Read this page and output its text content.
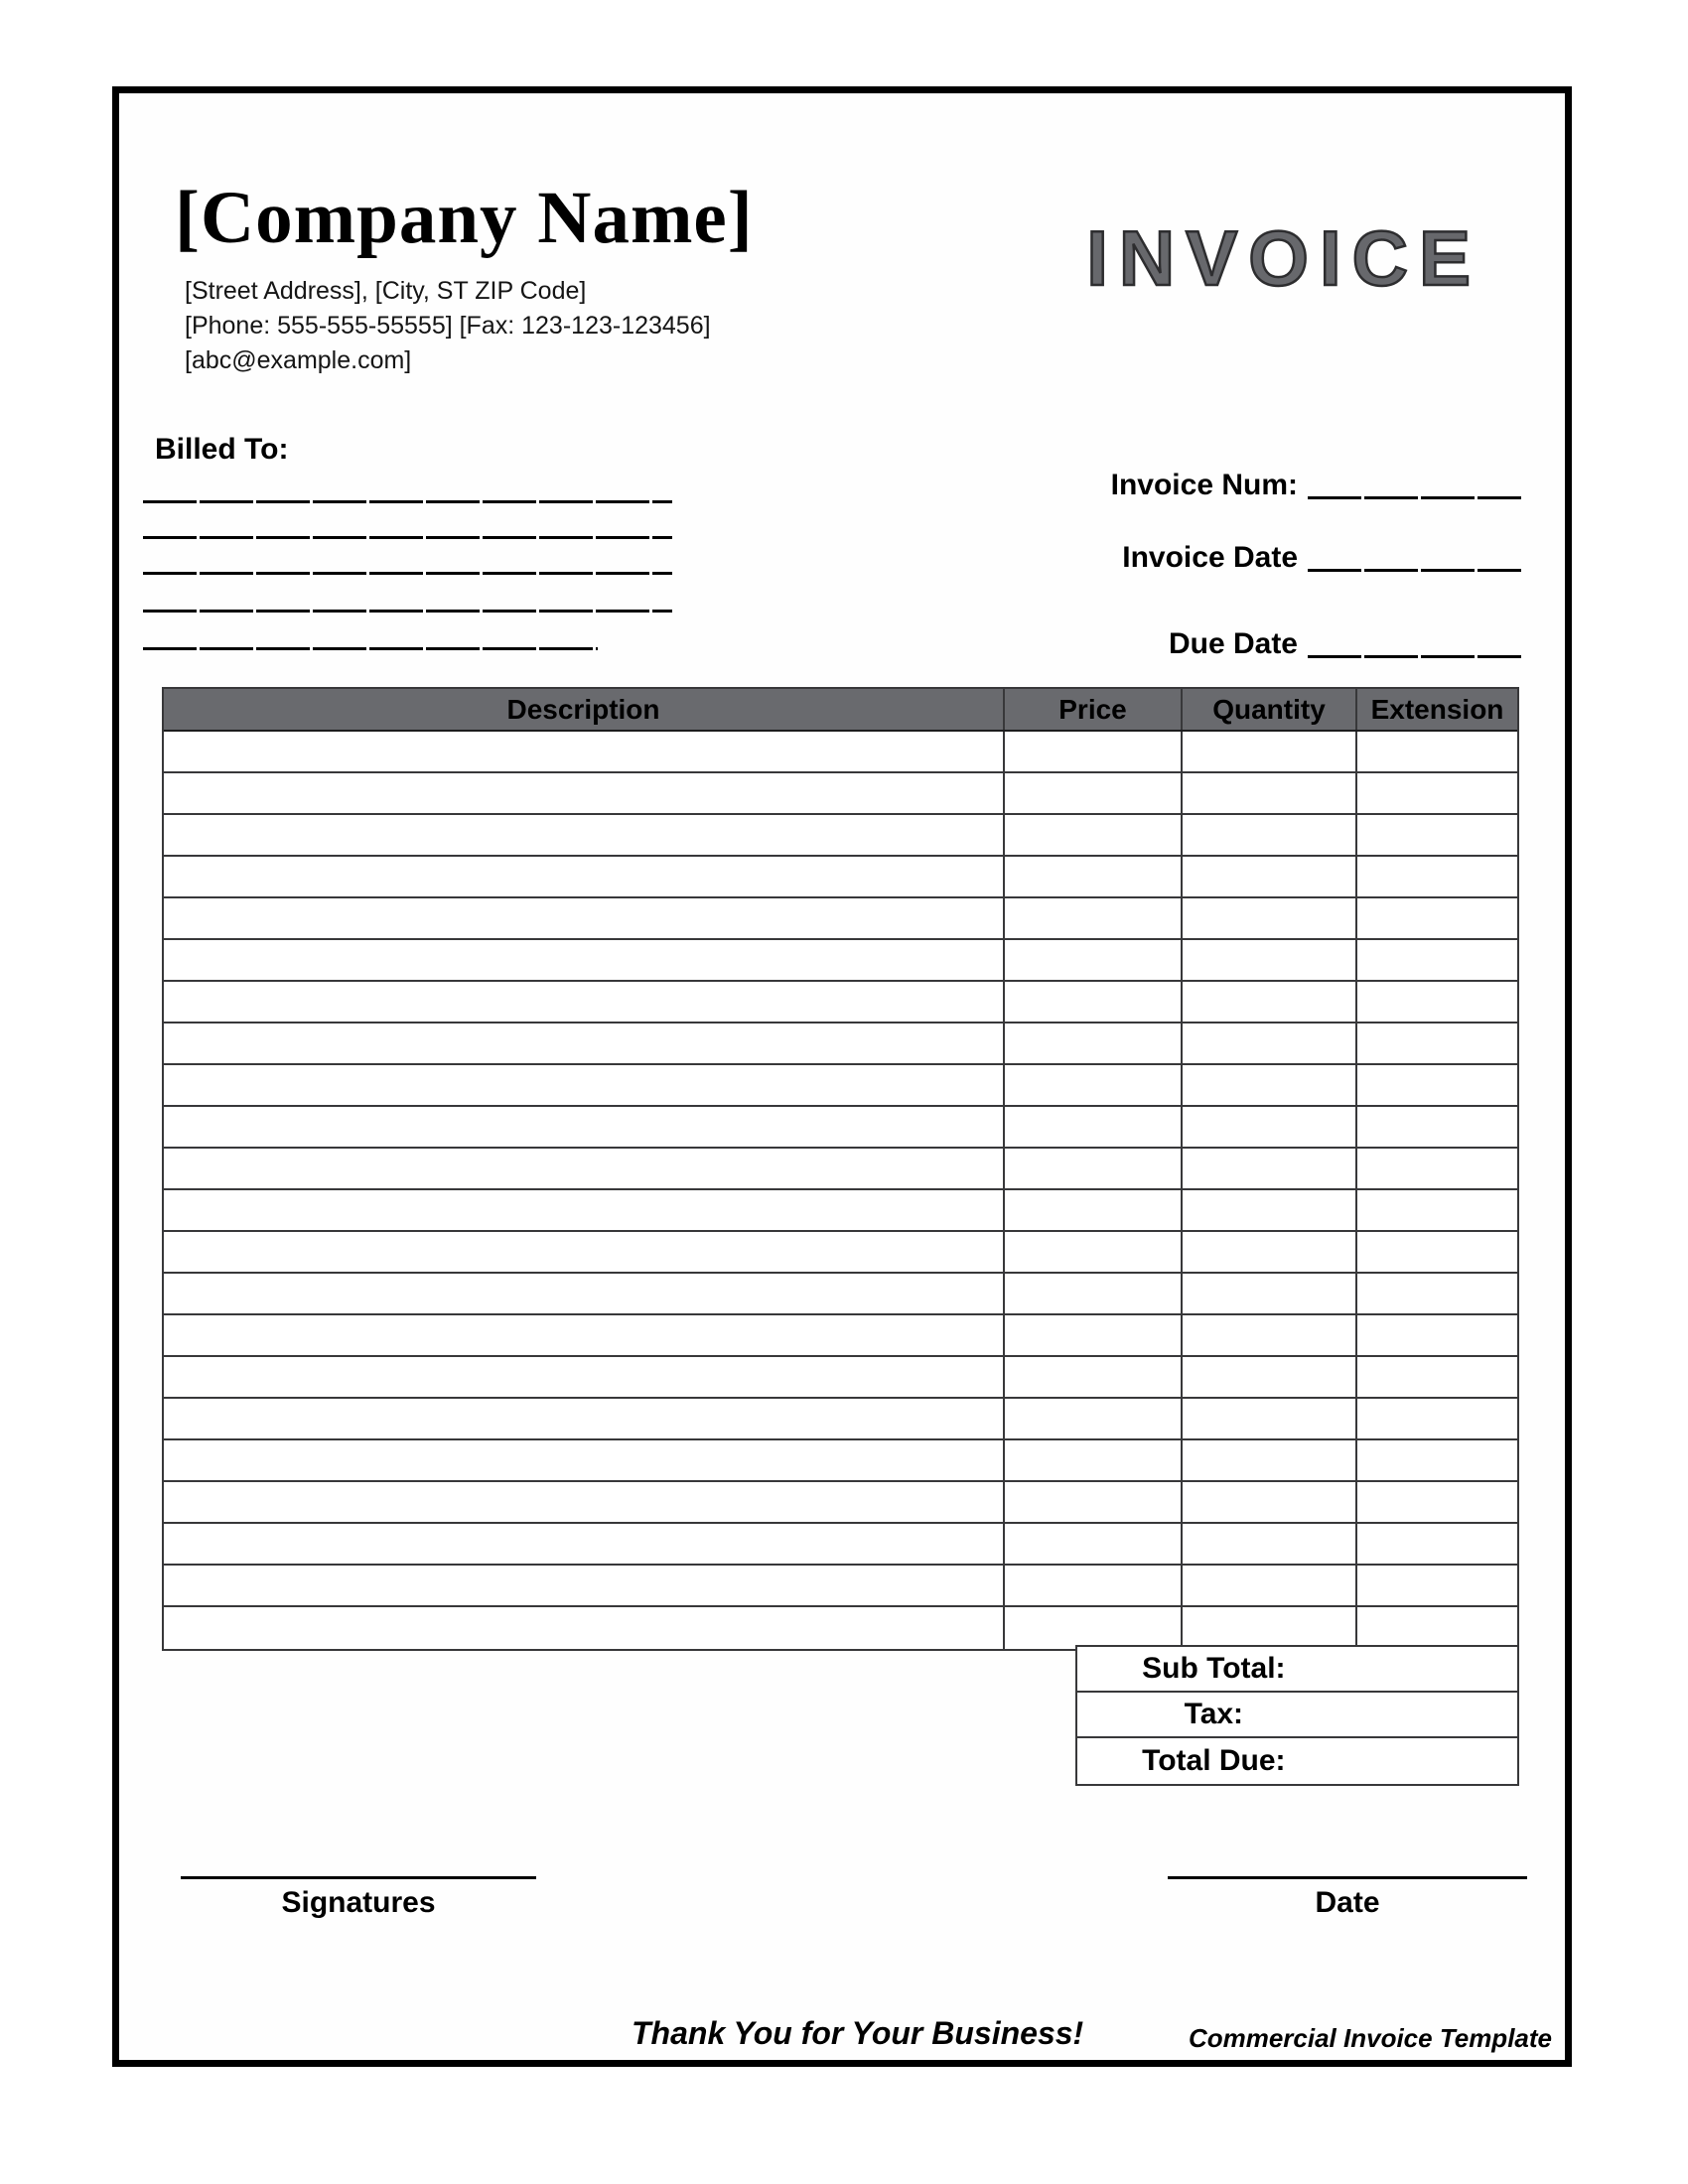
[Company Name]
[Street Address], [City, ST ZIP Code]
[Phone: 555-555-55555] [Fax: 123-123-123456]
[abc@example.com]
INVOICE
Billed To:
Invoice Num:
Invoice Date
Due Date
Description	Price	Quantity	Extension
Sub Total:
Tax:
Total Due:
Signatures	Date
Thank You for Your Business!	Commercial Invoice Template
